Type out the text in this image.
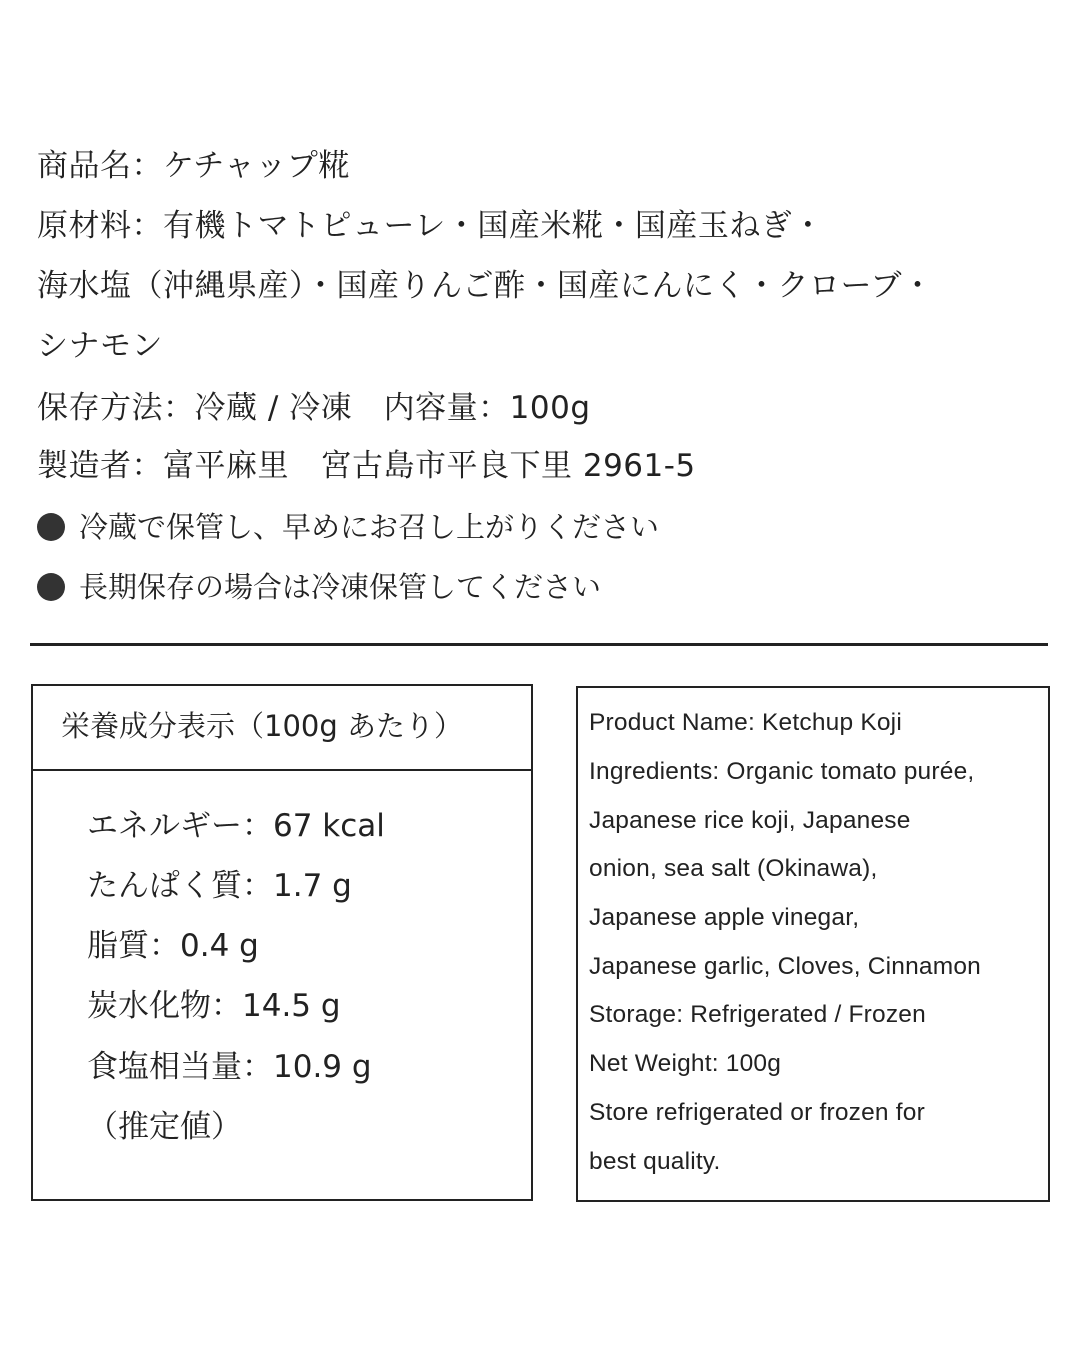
商品名：ケチャップ糀
原材料：有機トマトピューレ・国産米糀・国産玉ねぎ・
海水塩（沖縄県産）・国産りんご酢・国産にんにく・クローブ・
シナモン
保存方法：冷蔵 / 冷凍　内容量：100g
製造者：富平麻里　宮古島市平良下里 2961-5
冷蔵で保管し、早めにお召し上がりください
長期保存の場合は冷凍保管してください
栄養成分表示（100g あたり）
エネルギー：67 kcal
たんぱく質：1.7 g
脂質：0.4 g
炭水化物：14.5 g
食塩相当量：10.9 g
（推定値）
Product Name: Ketchup Koji
Ingredients: Organic tomato purée,
Japanese rice koji, Japanese
onion, sea salt (Okinawa),
Japanese apple vinegar,
Japanese garlic, Cloves, Cinnamon
Storage: Refrigerated / Frozen
Net Weight: 100g
Store refrigerated or frozen for
best quality.
